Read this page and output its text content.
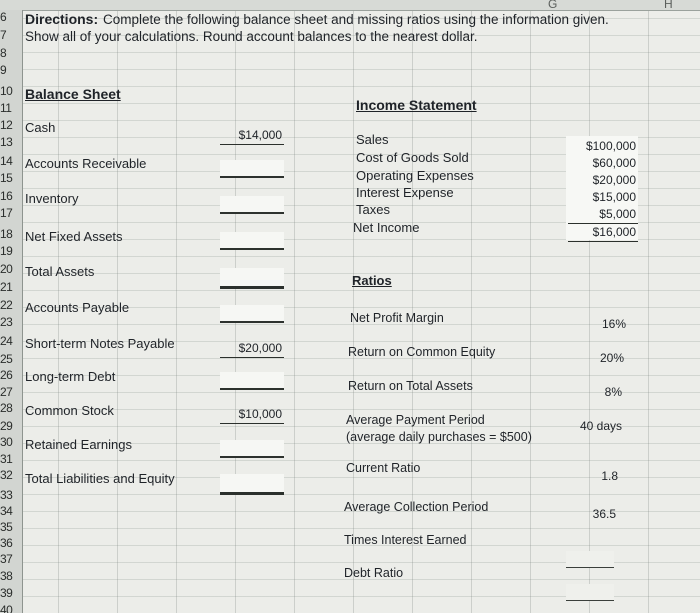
G	H
6
7
8
9
10
11
12
13
14
15
16
17
18
19
20
21
22
23
24
25
26
27
28
29
30
31
32
33
34
35
36
37
38
39
40
Directions: Complete the following balance sheet and missing ratios using the information given.
Show all of your calculations. Round account balances to the nearest dollar.
Balance Sheet
Cash
Accounts Receivable
Inventory
Net Fixed Assets
Total Assets
Accounts Payable
Short-term Notes Payable
Long-term Debt
Common Stock
Retained Earnings
Total Liabilities and Equity
$14,000
$20,000
$10,000
Income Statement
Sales
Cost of Goods Sold
Operating Expenses
Interest Expense
Taxes
Net Income
$100,000
$60,000
$20,000
$15,000
$5,000
$16,000
Ratios
Net Profit Margin
Return on Common Equity
Return on Total Assets
Average Payment Period
(average daily purchases = $500)
Current Ratio
Average Collection Period
Times Interest Earned
Debt Ratio
16%
20%
8%
40 days
1.8
36.5
